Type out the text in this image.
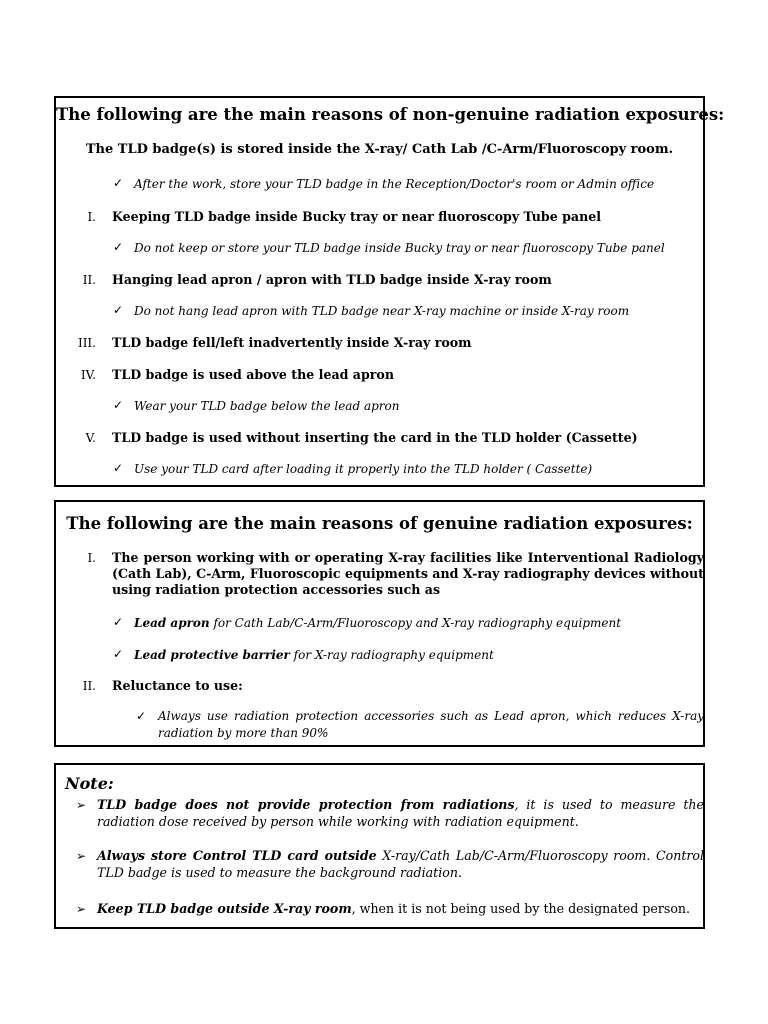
The following are the main reasons of non-genuine radiation exposures:
The TLD badge(s) is stored inside the X-ray/ Cath Lab /C-Arm/Fluoroscopy room.
✓ After the work, store your TLD badge in the Reception/Doctor's room or Admin office
I. Keeping TLD badge inside Bucky tray or near fluoroscopy Tube panel
✓ Do not keep or store your TLD badge inside Bucky tray or near fluoroscopy Tube panel
II. Hanging lead apron / apron with TLD badge inside X-ray room
✓ Do not hang lead apron with TLD badge near X-ray machine or inside X-ray room
III. TLD badge fell/left inadvertently inside X-ray room
IV. TLD badge is used above the lead apron
✓ Wear your TLD badge below the lead apron
V. TLD badge is used without inserting the card in the TLD holder (Cassette)
✓ Use your TLD card after loading it properly into the TLD holder ( Cassette)
The following are the main reasons of genuine radiation exposures:
I. The person working with or operating X-ray facilities like Interventional Radiology (Cath Lab), C-Arm, Fluoroscopic equipments and X-ray radiography devices without using radiation protection accessories such as
✓ Lead apron for Cath Lab/C-Arm/Fluoroscopy and X-ray radiography equipment
✓ Lead protective barrier for X-ray radiography equipment
II. Reluctance to use:
✓ Always use radiation protection accessories such as Lead apron, which reduces X-ray radiation by more than 90%
Note:
➢ TLD badge does not provide protection from radiations, it is used to measure the radiation dose received by person while working with radiation equipment.
➢ Always store Control TLD card outside X-ray/Cath Lab/C-Arm/Fluoroscopy room. Control TLD badge is used to measure the background radiation.
➢ Keep TLD badge outside X-ray room, when it is not being used by the designated person.
